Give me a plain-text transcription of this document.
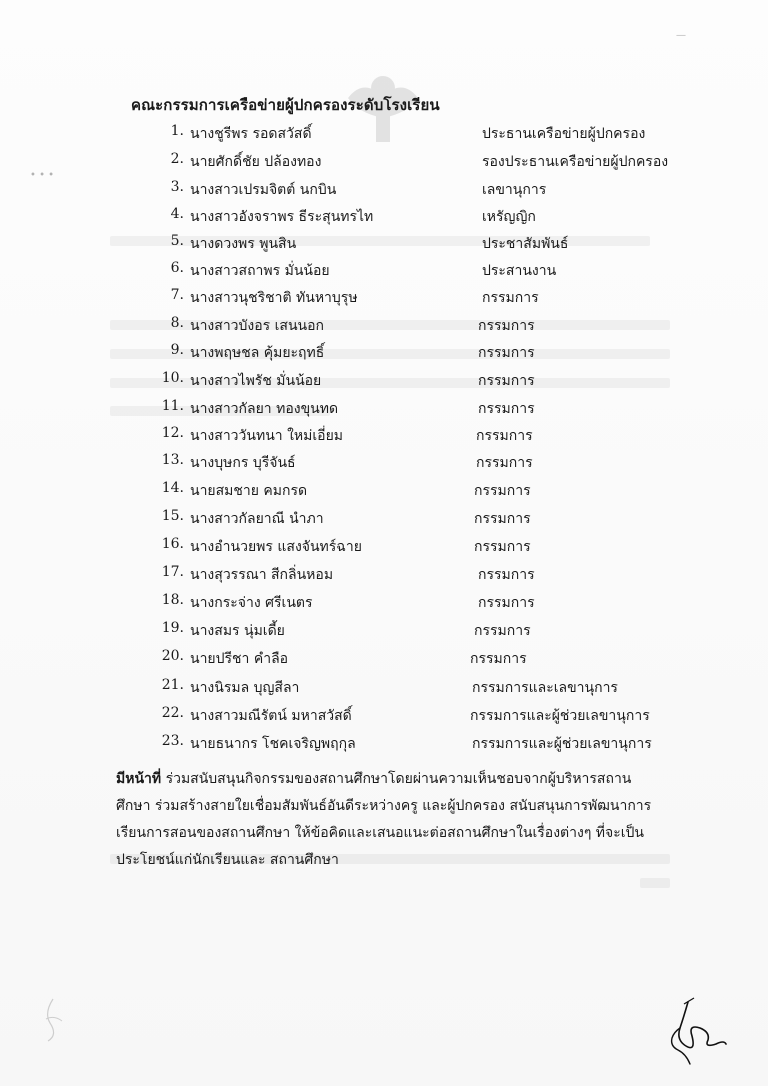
• • •
—
คณะกรรมการเครือข่ายผู้ปกครองระดับโรงเรียน
1. นางชูรีพร รอดสวัสดิ์	ประธานเครือข่ายผู้ปกครอง
2. นายศักดิ์ชัย ปล้องทอง	รองประธานเครือข่ายผู้ปกครอง
3. นางสาวเปรมจิตต์ นกบิน	เลขานุการ
4. นางสาวอังจราพร ธีระสุนทรไท	เหรัญญิก
5. นางดวงพร พูนสิน	ประชาสัมพันธ์
6. นางสาวสถาพร มั่นน้อย	ประสานงาน
7. นางสาวนุชริชาติ ทันหาบุรุษ	กรรมการ
8. นางสาวบังอร เสนนอก	กรรมการ
9. นางพฤษชล คุ้มยะฤทธิ์	กรรมการ
10. นางสาวไพรัช มั่นน้อย	กรรมการ
11. นางสาวกัลยา ทองขุนทด	กรรมการ
12. นางสาววันทนา ใหม่เอี่ยม	กรรมการ
13. นางบุษกร บุรีจันธ์	กรรมการ
14. นายสมชาย คมกรด	กรรมการ
15. นางสาวกัลยาณี นำภา	กรรมการ
16. นางอำนวยพร แสงจันทร์ฉาย	กรรมการ
17. นางสุวรรณา สีกลิ่นหอม	กรรมการ
18. นางกระจ่าง ศรีเนตร	กรรมการ
19. นางสมร นุ่มเดี้ย	กรรมการ
20. นายปรีชา คำลือ	กรรมการ
21. นางนิรมล บุญสีลา	กรรมการและเลขานุการ
22. นางสาวมณีรัตน์ มหาสวัสดิ์	กรรมการและผู้ช่วยเลขานุการ
23. นายธนากร โชคเจริญพฤกุล	กรรมการและผู้ช่วยเลขานุการ
มีหน้าที่ ร่วมสนับสนุนกิจกรรมของสถานศึกษาโดยผ่านความเห็นชอบจากผู้บริหารสถานศึกษา ร่วมสร้างสายใยเชื่อมสัมพันธ์อันดีระหว่างครู และผู้ปกครอง สนับสนุนการพัฒนาการเรียนการสอนของสถานศึกษา ให้ข้อคิดและเสนอแนะต่อสถานศึกษาในเรื่องต่างๆ ที่จะเป็นประโยชน์แก่นักเรียนและ สถานศึกษา
